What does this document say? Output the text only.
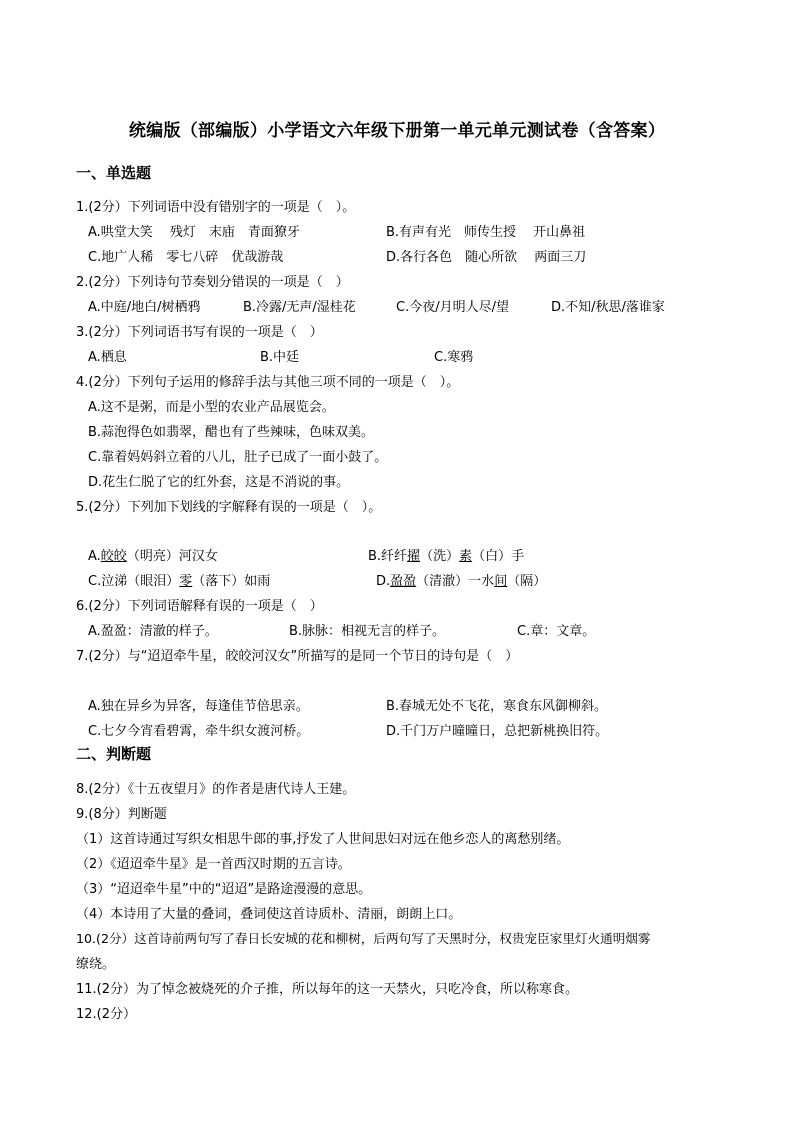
统编版（部编版）小学语文六年级下册第一单元单元测试卷（含答案）
一、单选题
1.(2分）下列词语中没有错别字的一项是（　）。
A.哄堂大笑　 残灯　末庙　青面獠牙	B.有声有光　师传生授　 开山鼻祖
C.地广人稀　零七八碎　优哉游哉	D.各行各色　随心所欲　 两面三刀
2.(2分）下列诗句节奏划分错误的一项是（　）
A.中庭/地白/树栖鸦	B.冷露/无声/湿桂花	C.今夜/月明人尽/望	D.不知/秋思/落谁家
3.(2分）下列词语书写有误的一项是（　）
A.栖息	B.中廷	C.寒鸦
4.(2分）下列句子运用的修辞手法与其他三项不同的一项是（　）。
A.这不是粥，而是小型的农业产品展览会。
B.蒜泡得色如翡翠，醋也有了些辣味，色味双美。
C.靠着妈妈斜立着的八儿，肚子已成了一面小鼓了。
D.花生仁脱了它的红外套，这是不消说的事。
5.(2分）下列加下划线的字解释有误的一项是（　）。
A.皎皎（明亮）河汉女	B.纤纤擢（洗）素（白）手
C.泣涕（眼泪）零（落下）如雨	D.盈盈（清澈）一水间（隔）
6.(2分）下列词语解释有误的一项是（　）
A.盈盈：清澈的样子。	B.脉脉：相视无言的样子。	C.章：文章。
7.(2分）与“迢迢牵牛星，皎皎河汉女”所描写的是同一个节日的诗句是（　）
A.独在异乡为异客，每逢佳节倍思亲。	B.春城无处不飞花，寒食东风御柳斜。
C.七夕今宵看碧霄，牵牛织女渡河桥。	D.千门万户曈曈日，总把新桃换旧符。
二、判断题
8.(2分）《十五夜望月》的作者是唐代诗人王建。
9.(8分）判断题
（1）这首诗通过写织女相思牛郎的事,抒发了人世间思妇对远在他乡恋人的离愁别绪。
（2）《迢迢牵牛星》是一首西汉时期的五言诗。
（3）“迢迢牵牛星”中的“迢迢”是路途漫漫的意思。
（4）本诗用了大量的叠词，叠词使这首诗质朴、清丽，朗朗上口。
10.(2分）这首诗前两句写了春日长安城的花和柳树，后两句写了天黑时分，权贵宠臣家里灯火通明烟雾
缭绕。
11.(2分）为了悼念被烧死的介子推，所以每年的这一天禁火，只吃冷食，所以称寒食。
12.(2分）
